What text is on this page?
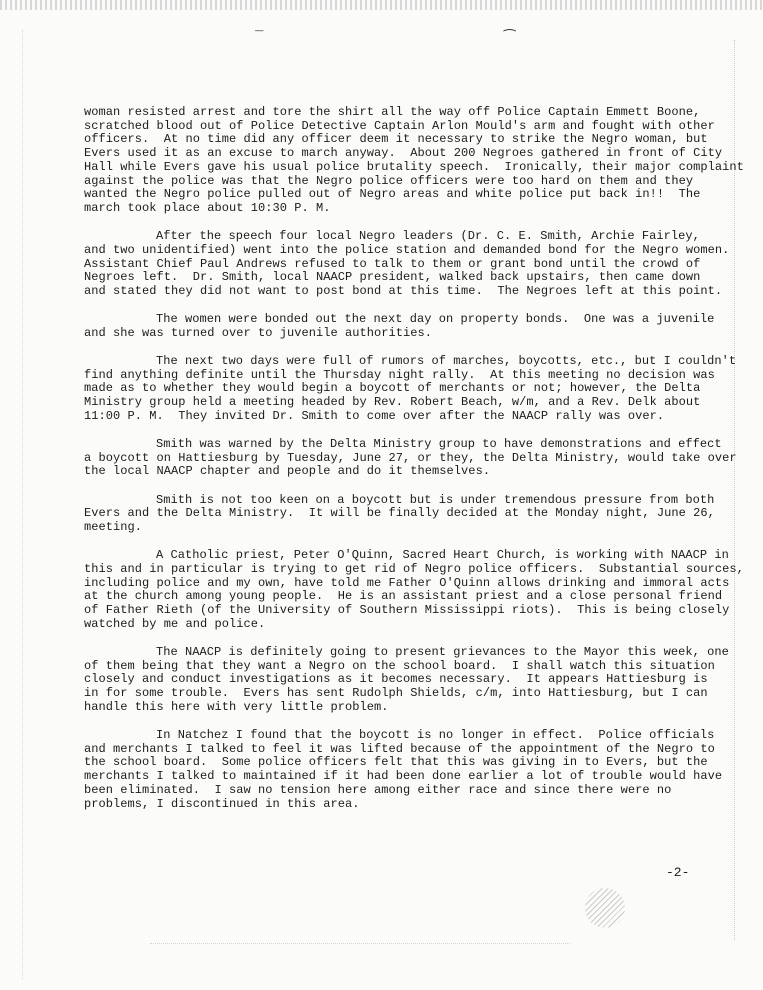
‾	⁀
woman resisted arrest and tore the shirt all the way off Police Captain Emmett Boone,
scratched blood out of Police Detective Captain Arlon Mould's arm and fought with other
officers.  At no time did any officer deem it necessary to strike the Negro woman, but
Evers used it as an excuse to march anyway.  About 200 Negroes gathered in front of City
Hall while Evers gave his usual police brutality speech.  Ironically, their major complaint
against the police was that the Negro police officers were too hard on them and they
wanted the Negro police pulled out of Negro areas and white police put back in!!  The
march took place about 10:30 P. M.
After the speech four local Negro leaders (Dr. C. E. Smith, Archie Fairley,
and two unidentified) went into the police station and demanded bond for the Negro women.
Assistant Chief Paul Andrews refused to talk to them or grant bond until the crowd of
Negroes left.  Dr. Smith, local NAACP president, walked back upstairs, then came down
and stated they did not want to post bond at this time.  The Negroes left at this point.
The women were bonded out the next day on property bonds.  One was a juvenile
and she was turned over to juvenile authorities.
The next two days were full of rumors of marches, boycotts, etc., but I couldn't
find anything definite until the Thursday night rally.  At this meeting no decision was
made as to whether they would begin a boycott of merchants or not; however, the Delta
Ministry group held a meeting headed by Rev. Robert Beach, w/m, and a Rev. Delk about
11:00 P. M.  They invited Dr. Smith to come over after the NAACP rally was over.
Smith was warned by the Delta Ministry group to have demonstrations and effect
a boycott on Hattiesburg by Tuesday, June 27, or they, the Delta Ministry, would take over
the local NAACP chapter and people and do it themselves.
Smith is not too keen on a boycott but is under tremendous pressure from both
Evers and the Delta Ministry.  It will be finally decided at the Monday night, June 26,
meeting.
A Catholic priest, Peter O'Quinn, Sacred Heart Church, is working with NAACP in
this and in particular is trying to get rid of Negro police officers.  Substantial sources,
including police and my own, have told me Father O'Quinn allows drinking and immoral acts
at the church among young people.  He is an assistant priest and a close personal friend
of Father Rieth (of the University of Southern Mississippi riots).  This is being closely
watched by me and police.
The NAACP is definitely going to present grievances to the Mayor this week, one
of them being that they want a Negro on the school board.  I shall watch this situation
closely and conduct investigations as it becomes necessary.  It appears Hattiesburg is
in for some trouble.  Evers has sent Rudolph Shields, c/m, into Hattiesburg, but I can
handle this here with very little problem.
In Natchez I found that the boycott is no longer in effect.  Police officials
and merchants I talked to feel it was lifted because of the appointment of the Negro to
the school board.  Some police officers felt that this was giving in to Evers, but the
merchants I talked to maintained if it had been done earlier a lot of trouble would have
been eliminated.  I saw no tension here among either race and since there were no
problems, I discontinued in this area.
-2-
